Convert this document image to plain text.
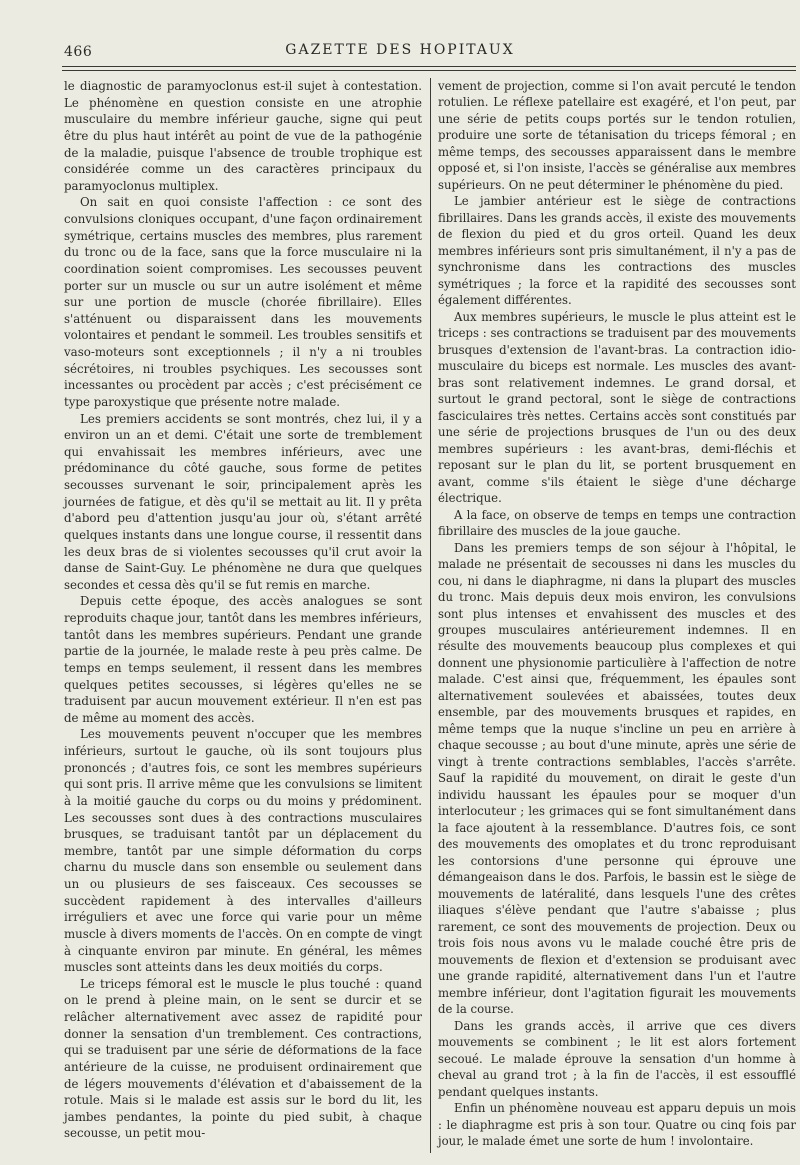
466	GAZETTE DES HOPITAUX

le diagnostic de paramyoclonus est-il sujet à contestation. Le phénomène en question consiste en une atrophie musculaire du membre inférieur gauche, signe qui peut être du plus haut intérêt au point de vue de la pathogénie de la maladie, puisque l'absence de trouble trophique est considérée comme un des caractères principaux du paramyoclonus multiplex.

On sait en quoi consiste l'affection : ce sont des convulsions cloniques occupant, d'une façon ordinairement symétrique, certains muscles des membres, plus rarement du tronc ou de la face, sans que la force musculaire ni la coordination soient compromises. Les secousses peuvent porter sur un muscle ou sur un autre isolément et même sur une portion de muscle (chorée fibrillaire). Elles s'atténuent ou disparaissent dans les mouvements volontaires et pendant le sommeil. Les troubles sensitifs et vaso-moteurs sont exceptionnels ; il n'y a ni troubles sécrétoires, ni troubles psychiques. Les secousses sont incessantes ou procèdent par accès ; c'est précisément ce type paroxystique que présente notre malade.

Les premiers accidents se sont montrés, chez lui, il y a environ un an et demi. C'était une sorte de tremblement qui envahissait les membres inférieurs, avec une prédominance du côté gauche, sous forme de petites secousses survenant le soir, principalement après les journées de fatigue, et dès qu'il se mettait au lit. Il y prêta d'abord peu d'attention jusqu'au jour où, s'étant arrêté quelques instants dans une longue course, il ressentit dans les deux bras de si violentes secousses qu'il crut avoir la danse de Saint-Guy. Le phénomène ne dura que quelques secondes et cessa dès qu'il se fut remis en marche.

Depuis cette époque, des accès analogues se sont reproduits chaque jour, tantôt dans les membres inférieurs, tantôt dans les membres supérieurs. Pendant une grande partie de la journée, le malade reste à peu près calme. De temps en temps seulement, il ressent dans les membres quelques petites secousses, si légères qu'elles ne se traduisent par aucun mouvement extérieur. Il n'en est pas de même au moment des accès.

Les mouvements peuvent n'occuper que les membres inférieurs, surtout le gauche, où ils sont toujours plus prononcés ; d'autres fois, ce sont les membres supérieurs qui sont pris. Il arrive même que les convulsions se limitent à la moitié gauche du corps ou du moins y prédominent. Les secousses sont dues à des contractions musculaires brusques, se traduisant tantôt par un déplacement du membre, tantôt par une simple déformation du corps charnu du muscle dans son ensemble ou seulement dans un ou plusieurs de ses faisceaux. Ces secousses se succèdent rapidement à des intervalles d'ailleurs irréguliers et avec une force qui varie pour un même muscle à divers moments de l'accès. On en compte de vingt à cinquante environ par minute. En général, les mêmes muscles sont atteints dans les deux moitiés du corps.

Le triceps fémoral est le muscle le plus touché : quand on le prend à pleine main, on le sent se durcir et se relâcher alternativement avec assez de rapidité pour donner la sensation d'un tremblement. Ces contractions, qui se traduisent par une série de déformations de la face antérieure de la cuisse, ne produisent ordinairement que de légers mouvements d'élévation et d'abaissement de la rotule. Mais si le malade est assis sur le bord du lit, les jambes pendantes, la pointe du pied subit, à chaque secousse, un petit mou-

vement de projection, comme si l'on avait percuté le tendon rotulien. Le réflexe patellaire est exagéré, et l'on peut, par une série de petits coups portés sur le tendon rotulien, produire une sorte de tétanisation du triceps fémoral ; en même temps, des secousses apparaissent dans le membre opposé et, si l'on insiste, l'accès se généralise aux membres supérieurs. On ne peut déterminer le phénomène du pied.

Le jambier antérieur est le siège de contractions fibrillaires. Dans les grands accès, il existe des mouvements de flexion du pied et du gros orteil. Quand les deux membres inférieurs sont pris simultanément, il n'y a pas de synchronisme dans les contractions des muscles symétriques ; la force et la rapidité des secousses sont également différentes.

Aux membres supérieurs, le muscle le plus atteint est le triceps : ses contractions se traduisent par des mouvements brusques d'extension de l'avant-bras. La contraction idio-musculaire du biceps est normale. Les muscles des avant-bras sont relativement indemnes. Le grand dorsal, et surtout le grand pectoral, sont le siège de contractions fasciculaires très nettes. Certains accès sont constitués par une série de projections brusques de l'un ou des deux membres supérieurs : les avant-bras, demi-fléchis et reposant sur le plan du lit, se portent brusquement en avant, comme s'ils étaient le siège d'une décharge électrique.

A la face, on observe de temps en temps une contraction fibrillaire des muscles de la joue gauche.

Dans les premiers temps de son séjour à l'hôpital, le malade ne présentait de secousses ni dans les muscles du cou, ni dans le diaphragme, ni dans la plupart des muscles du tronc. Mais depuis deux mois environ, les convulsions sont plus intenses et envahissent des muscles et des groupes musculaires antérieurement indemnes. Il en résulte des mouvements beaucoup plus complexes et qui donnent une physionomie particulière à l'affection de notre malade. C'est ainsi que, fréquemment, les épaules sont alternativement soulevées et abaissées, toutes deux ensemble, par des mouvements brusques et rapides, en même temps que la nuque s'incline un peu en arrière à chaque secousse ; au bout d'une minute, après une série de vingt à trente contractions semblables, l'accès s'arrête. Sauf la rapidité du mouvement, on dirait le geste d'un individu haussant les épaules pour se moquer d'un interlocuteur ; les grimaces qui se font simultanément dans la face ajoutent à la ressemblance. D'autres fois, ce sont des mouvements des omoplates et du tronc reproduisant les contorsions d'une personne qui éprouve une démangeaison dans le dos. Parfois, le bassin est le siège de mouvements de latéralité, dans lesquels l'une des crêtes iliaques s'élève pendant que l'autre s'abaisse ; plus rarement, ce sont des mouvements de projection. Deux ou trois fois nous avons vu le malade couché être pris de mouvements de flexion et d'extension se produisant avec une grande rapidité, alternativement dans l'un et l'autre membre inférieur, dont l'agitation figurait les mouvements de la course.

Dans les grands accès, il arrive que ces divers mouvements se combinent ; le lit est alors fortement secoué. Le malade éprouve la sensation d'un homme à cheval au grand trot ; à la fin de l'accès, il est essoufflé pendant quelques instants.

Enfin un phénomène nouveau est apparu depuis un mois : le diaphragme est pris à son tour. Quatre ou cinq fois par jour, le malade émet une sorte de hum ! involontaire.
